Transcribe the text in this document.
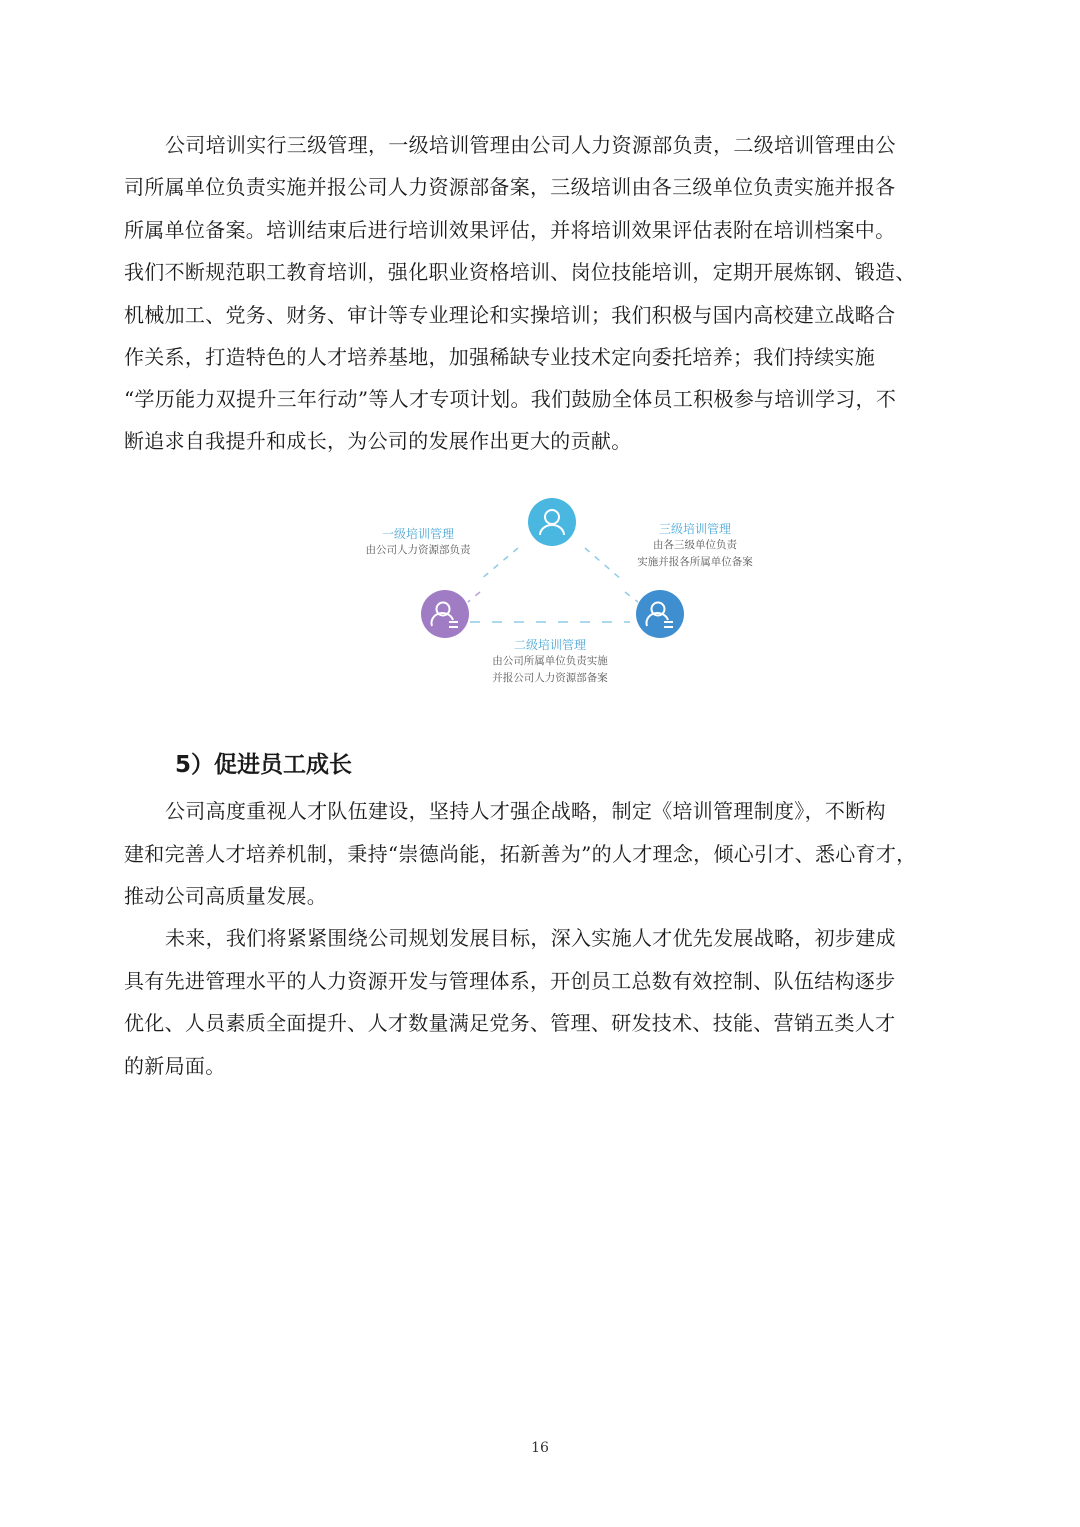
公司培训实行三级管理，一级培训管理由公司人力资源部负责，二级培训管理由公
司所属单位负责实施并报公司人力资源部备案，三级培训由各三级单位负责实施并报各
所属单位备案。培训结束后进行培训效果评估，并将培训效果评估表附在培训档案中。
我们不断规范职工教育培训，强化职业资格培训、岗位技能培训，定期开展炼钢、锻造、
机械加工、党务、财务、审计等专业理论和实操培训；我们积极与国内高校建立战略合
作关系，打造特色的人才培养基地，加强稀缺专业技术定向委托培养；我们持续实施
“学历能力双提升三年行动”等人才专项计划。我们鼓励全体员工积极参与培训学习，不
断追求自我提升和成长，为公司的发展作出更大的贡献。
一级培训管理
由公司人力资源部负责
三级培训管理
由各三级单位负责
实施并报各所属单位备案
二级培训管理
由公司所属单位负责实施
并报公司人力资源部备案
5）促进员工成长
公司高度重视人才队伍建设，坚持人才强企战略，制定《培训管理制度》，不断构
建和完善人才培养机制，秉持“崇德尚能，拓新善为”的人才理念，倾心引才、悉心育才，
推动公司高质量发展。
未来，我们将紧紧围绕公司规划发展目标，深入实施人才优先发展战略，初步建成
具有先进管理水平的人力资源开发与管理体系，开创员工总数有效控制、队伍结构逐步
优化、人员素质全面提升、人才数量满足党务、管理、研发技术、技能、营销五类人才
的新局面。
16
